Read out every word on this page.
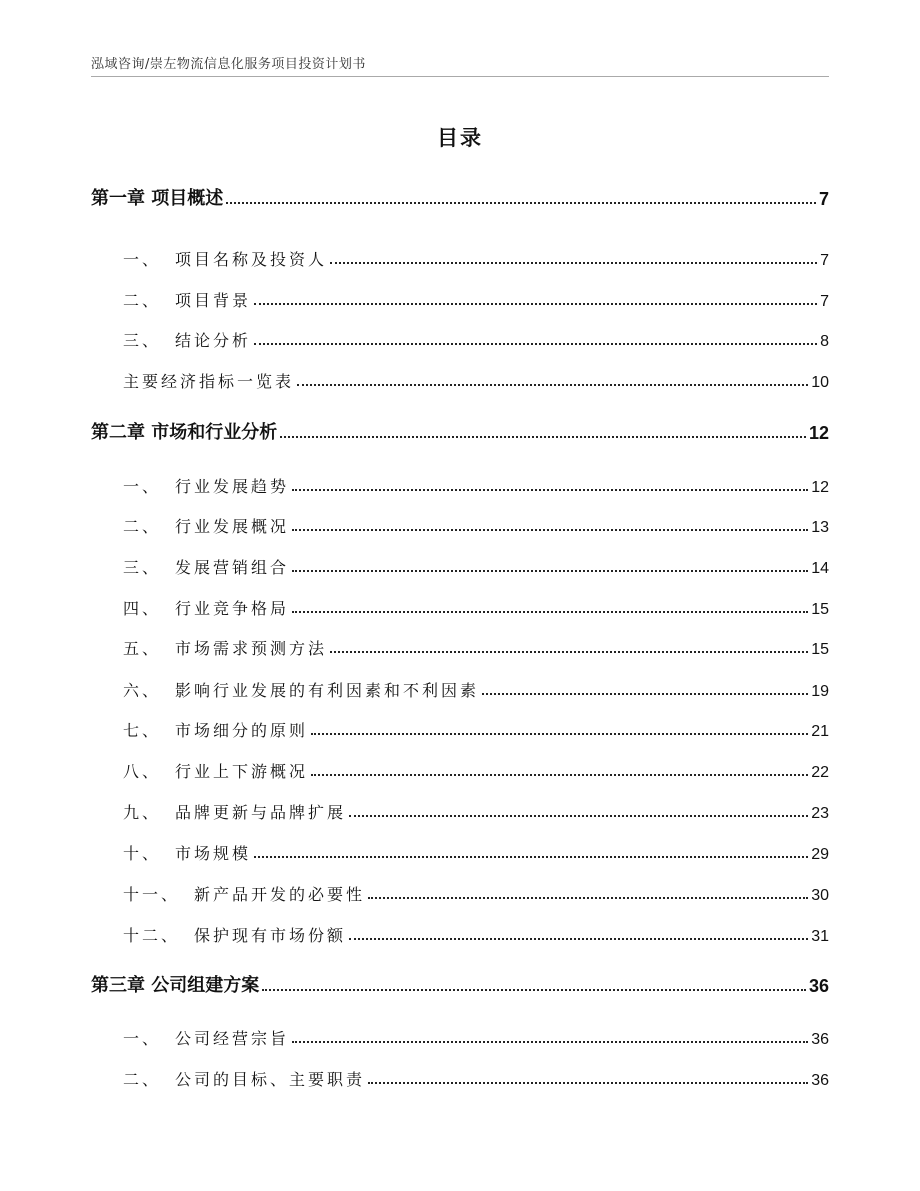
泓域咨询/崇左物流信息化服务项目投资计划书
目录
第一章 项目概述	7
一、 项目名称及投资人	7
二、 项目背景	7
三、 结论分析	8
主要经济指标一览表	10
第二章 市场和行业分析	12
一、 行业发展趋势	12
二、 行业发展概况	13
三、 发展营销组合	14
四、 行业竞争格局	15
五、 市场需求预测方法	15
六、 影响行业发展的有利因素和不利因素	19
七、 市场细分的原则	21
八、 行业上下游概况	22
九、 品牌更新与品牌扩展	23
十、 市场规模	29
十一、 新产品开发的必要性	30
十二、 保护现有市场份额	31
第三章 公司组建方案	36
一、 公司经营宗旨	36
二、 公司的目标、主要职责	36
